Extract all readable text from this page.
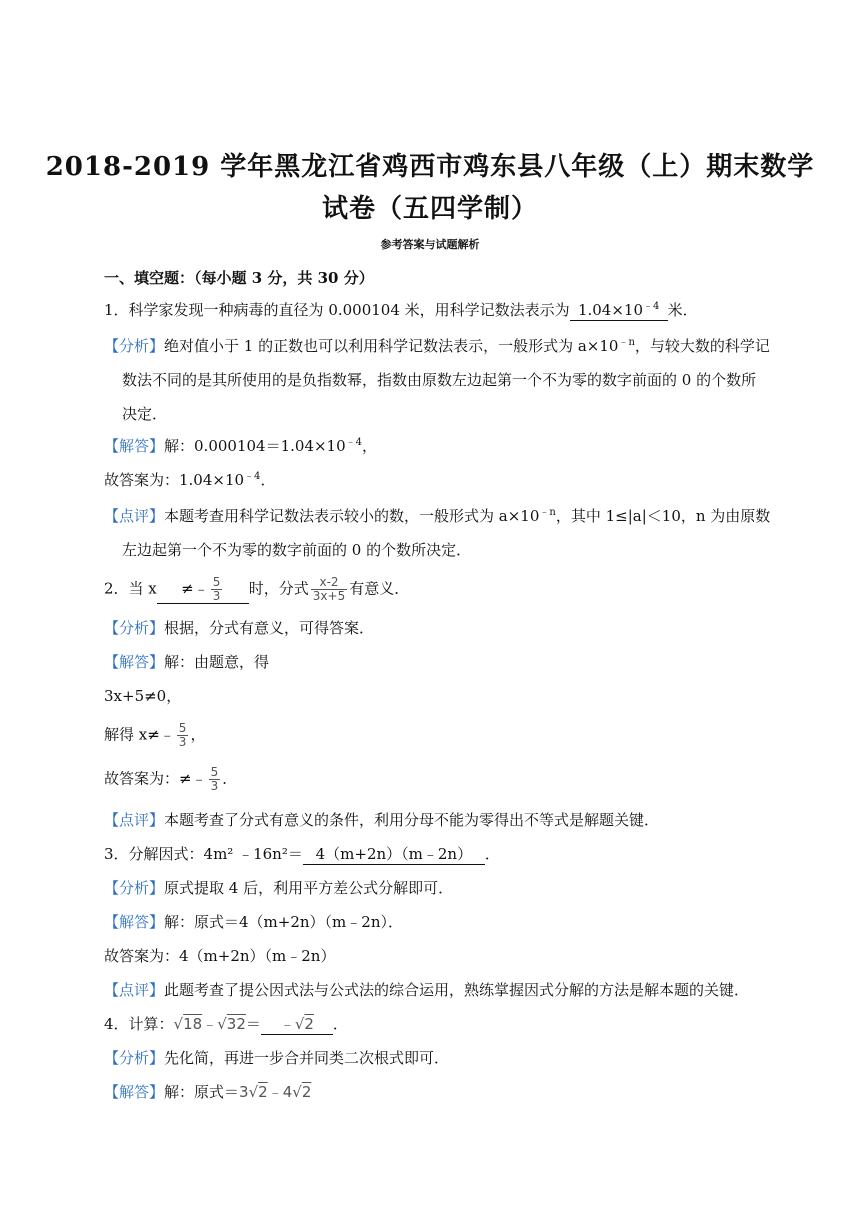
2018-2019 学年黑龙江省鸡西市鸡东县八年级（上）期末数学
试卷（五四学制）
参考答案与试题解析
一、填空题：（每小题 3 分，共 30 分）
1．科学家发现一种病毒的直径为 0.000104 米，用科学记数法表示为 $1.04\times 10^{﹣4}$ 米．
【分析】绝对值小于 1 的正数也可以利用科学记数法表示，一般形式为 $a\times 10^{﹣n}$，与较大数的科学记
数法不同的是其所使用的是负指数幂，指数由原数左边起第一个不为零的数字前面的 0 的个数所
决定．
【解答】解：$0.000104=1.04\times 10^{﹣4}$，
故答案为：$1.04\times 10^{﹣4}$．
【点评】本题考查用科学记数法表示较小的数，一般形式为 $a\times 10^{﹣n}$，其中 1≤|a|＜10，n 为由原数
左边起第一个不为零的数字前面的 0 的个数所决定．
2．当 x ≠﹣ $\frac{5}{3}$ 时，分式 $\frac{x-2}{3x+5}$ 有意义．
【分析】根据，分式有意义，可得答案．
【解答】解：由题意，得
3x+5≠0，
解得 x≠﹣ $\frac{5}{3}$ ，
故答案为：≠﹣ $\frac{5}{3}$ ．
【点评】本题考查了分式有意义的条件，利用分母不能为零得出不等式是解题关键．
3．分解因式：4m² ﹣16n²＝ 4（m+2n）（m﹣2n） ．
【分析】原式提取 4 后，利用平方差公式分解即可．
【解答】解：原式＝4（m+2n）（m﹣2n）．
故答案为：4（m+2n）（m﹣2n）
【点评】此题考查了提公因式法与公式法的综合运用，熟练掌握因式分解的方法是解本题的关键．
4．计算：√18﹣√32＝ ﹣√2 ．
【分析】先化简，再进一步合并同类二次根式即可．
【解答】解：原式＝3√2﹣4√2
